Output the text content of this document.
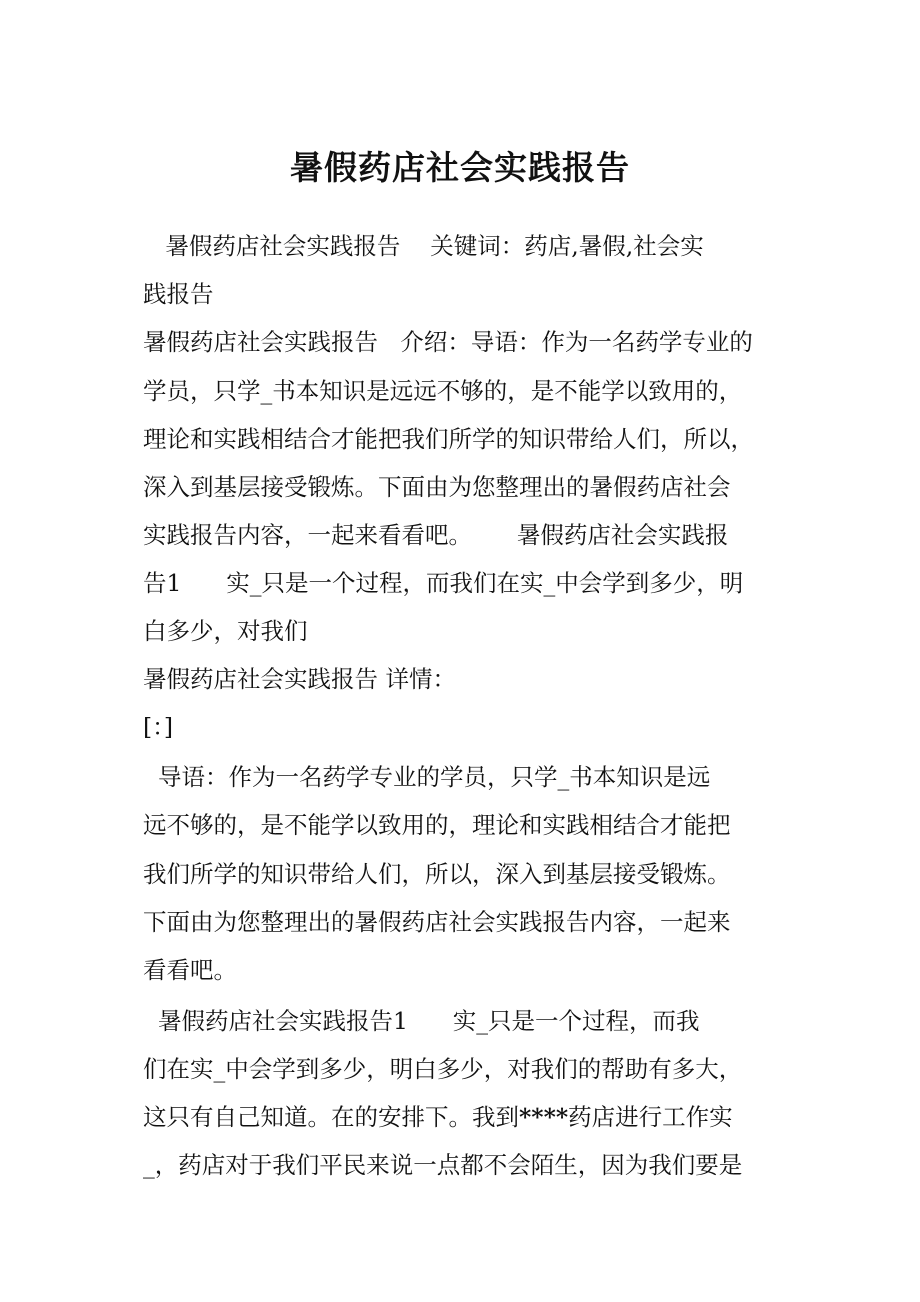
暑假药店社会实践报告
暑假药店社会实践报告    关键词：药店,暑假,社会实
践报告
暑假药店社会实践报告   介绍：导语：作为一名药学专业的
学员，只学_书本知识是远远不够的，是不能学以致用的，
理论和实践相结合才能把我们所学的知识带给人们，所以，
深入到基层接受锻炼。下面由为您整理出的暑假药店社会
实践报告内容，一起来看看吧。      暑假药店社会实践报
告1      实_只是一个过程，而我们在实_中会学到多少，明
白多少，对我们
暑假药店社会实践报告 详情：
[：]
导语：作为一名药学专业的学员，只学_书本知识是远
远不够的，是不能学以致用的，理论和实践相结合才能把
我们所学的知识带给人们，所以，深入到基层接受锻炼。
下面由为您整理出的暑假药店社会实践报告内容，一起来
看看吧。
暑假药店社会实践报告1      实_只是一个过程，而我
们在实_中会学到多少，明白多少，对我们的帮助有多大，
这只有自己知道。在的安排下。我到****药店进行工作实
_，药店对于我们平民来说一点都不会陌生，因为我们要是
